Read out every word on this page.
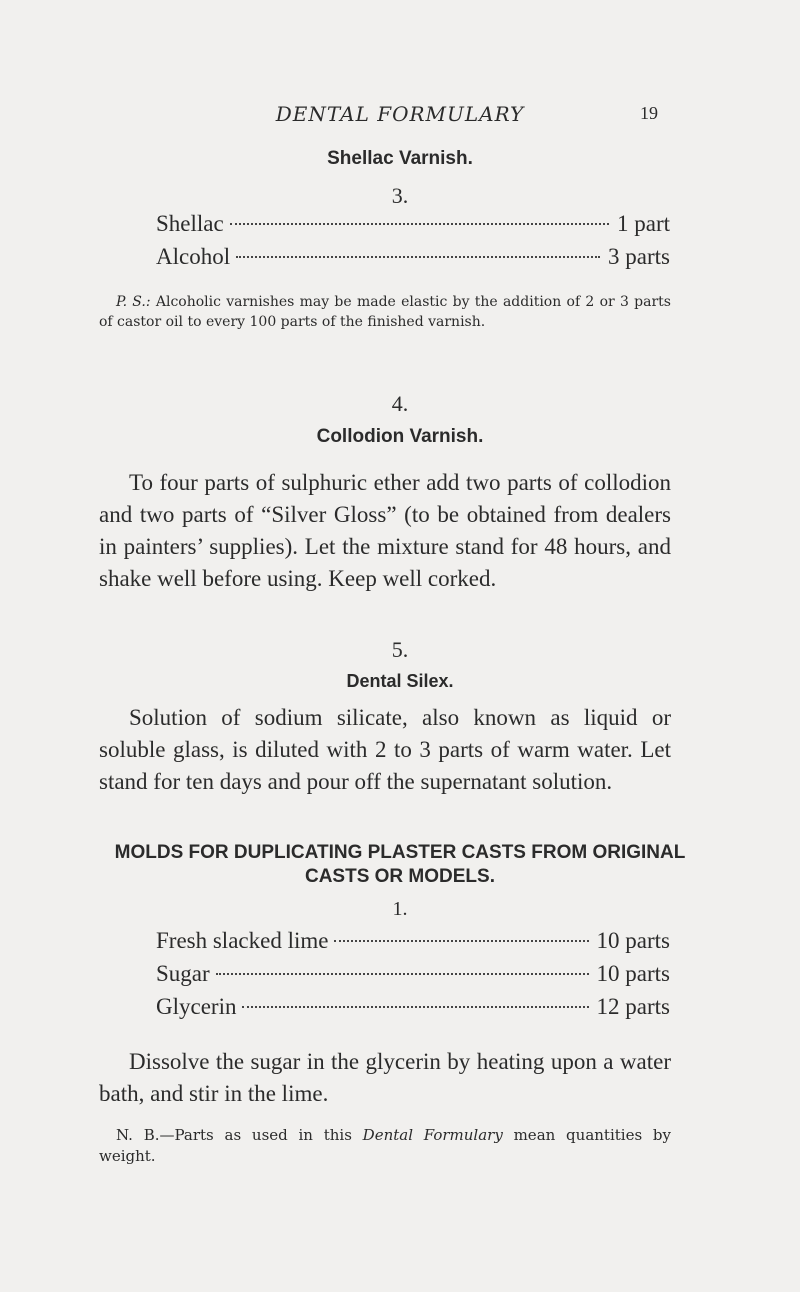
DENTAL FORMULARY	19
Shellac Varnish.
3.
Shellac	1 part
Alcohol	3 parts

P. S.: Alcoholic varnishes may be made elastic by the addition of 2 or 3 parts of castor oil to every 100 parts of the finished varnish.

4.
Collodion Varnish.

To four parts of sulphuric ether add two parts of collodion and two parts of “Silver Gloss” (to be obtained from dealers in painters’ supplies). Let the mixture stand for 48 hours, and shake well before using. Keep well corked.

5.
Dental Silex.

Solution of sodium silicate, also known as liquid or soluble glass, is diluted with 2 to 3 parts of warm water. Let stand for ten days and pour off the supernatant solution.

MOLDS FOR DUPLICATING PLASTER CASTS FROM ORIGINAL
CASTS OR MODELS.
1.
Fresh slacked lime	10 parts
Sugar	10 parts
Glycerin	12 parts

Dissolve the sugar in the glycerin by heating upon a water bath, and stir in the lime.

N. B.—Parts as used in this Dental Formulary mean quantities by weight.
